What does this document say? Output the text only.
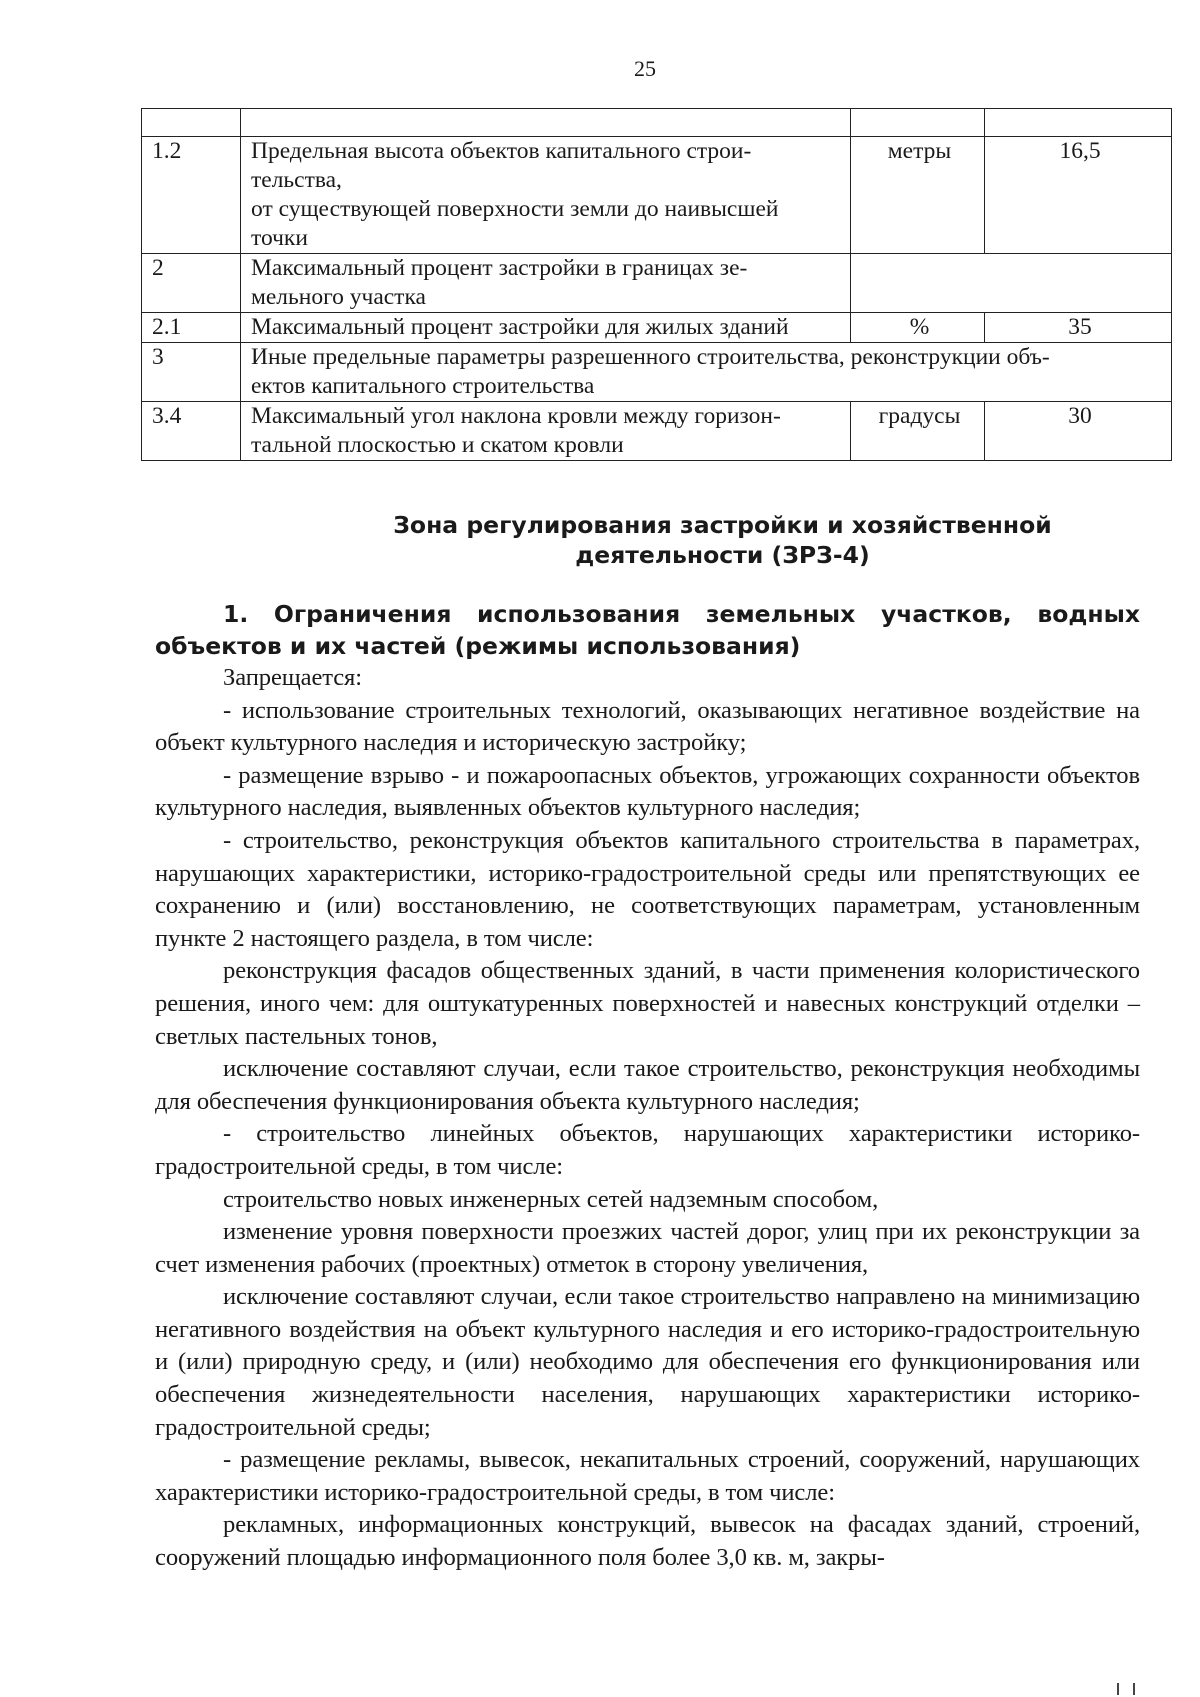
25

1.2	Предельная высота объектов капитального строи-
тельства,
от существующей поверхности земли до наивысшей
точки	метры	16,5
2	Максимальный процент застройки в границах зе-
мельного участка		

2.1	Максимальный процент застройки для жилых зданий	%	35
3	Иные предельные параметры разрешенного строительства, реконструкции объ-
ектов капитального строительства		

3.4	Максимальный угол наклона кровли между горизон-
тальной плоскостью и скатом кровли	градусы	30
Зона регулирования застройки и хозяйственной деятельности (ЗРЗ-4)
1. Ограничения использования земельных участков, водных объектов и их частей (режимы использования)

Запрещается:

- использование строительных технологий, оказывающих негативное воздействие на объект культурного наследия и историческую застройку;

- размещение взрыво - и пожароопасных объектов, угрожающих сохранности объектов культурного наследия, выявленных объектов культурного наследия;

- строительство, реконструкция объектов капитального строительства в параметрах, нарушающих характеристики, историко-градостроительной среды или препятствующих ее сохранению и (или) восстановлению, не соответствующих параметрам, установленным пункте 2 настоящего раздела, в том числе:

реконструкция фасадов общественных зданий, в части применения колористического решения, иного чем: для оштукатуренных поверхностей и навесных конструкций отделки – светлых пастельных тонов,

исключение составляют случаи, если такое строительство, реконструкция необходимы для обеспечения функционирования объекта культурного наследия;

- строительство линейных объектов, нарушающих характеристики историко-градостроительной среды, в том числе:

строительство новых инженерных сетей надземным способом,

изменение уровня поверхности проезжих частей дорог, улиц при их реконструкции за счет изменения рабочих (проектных) отметок в сторону увеличения,

исключение составляют случаи, если такое строительство направлено на минимизацию негативного воздействия на объект культурного наследия и его историко-градостроительную и (или) природную среду, и (или) необходимо для обеспечения его функционирования или обеспечения жизнедеятельности населения, нарушающих характеристики историко-градостроительной среды;

- размещение рекламы, вывесок, некапитальных строений, сооружений, нарушающих характеристики историко-градостроительной среды, в том числе:

рекламных, информационных конструкций, вывесок на фасадах зданий, строений, сооружений площадью информационного поля более 3,0 кв. м, закры-
